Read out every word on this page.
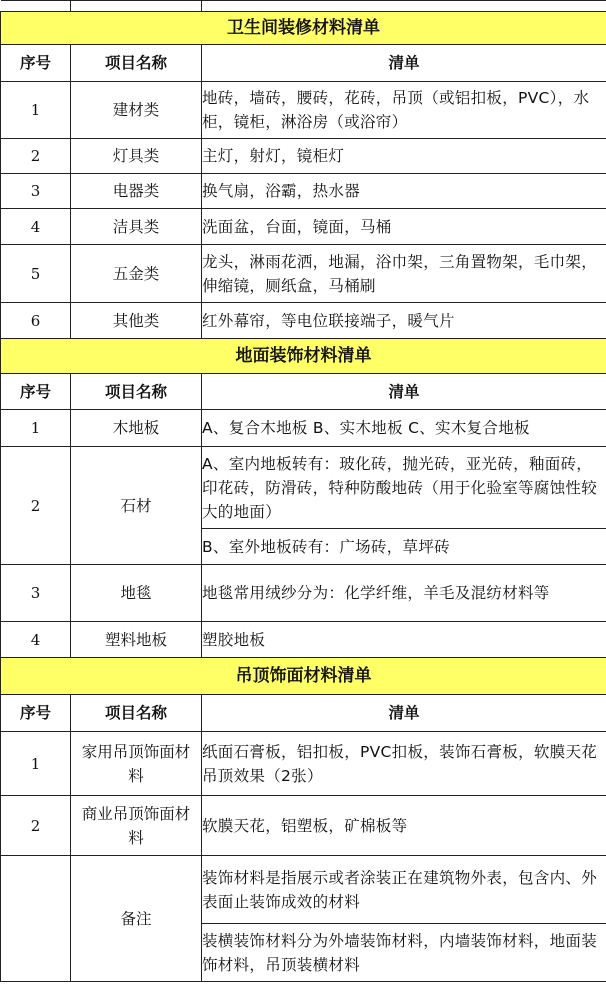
卫生间装修材料清单		
序号	项目名称	清单
1	建材类	地砖，墙砖，腰砖，花砖，吊顶（或铝扣板，PVC），水柜，镜柜，淋浴房（或浴帘）
2	灯具类	主灯，射灯，镜柜灯
3	电器类	换气扇，浴霸，热水器
4	洁具类	洗面盆，台面，镜面，马桶
5	五金类	龙头，淋雨花洒，地漏，浴巾架，三角置物架，毛巾架，伸缩镜，厕纸盒，马桶刷
6	其他类	红外幕帘，等电位联接端子，暖气片
地面装饰材料清单		
序号	项目名称	清单
1	木地板	A、复合木地板 B、实木地板 C、实木复合地板
2	石材	A、室内地板转有：玻化砖，抛光砖，亚光砖，釉面砖，印花砖，防滑砖，特种防酸地砖（用于化验室等腐蚀性较大的地面）
		B、室外地板砖有：广场砖，草坪砖
3	地毯	地毯常用绒纱分为：化学纤维，羊毛及混纺材料等
4	塑料地板	塑胶地板
吊顶饰面材料清单		
序号	项目名称	清单
1	家用吊顶饰面材料	纸面石膏板，铝扣板，PVC扣板，装饰石膏板，软膜天花吊顶效果（2张）
2	商业吊顶饰面材料	软膜天花，铝塑板，矿棉板等
	备注	装饰材料是指展示或者涂装正在建筑物外表，包含内、外表面止装饰成效的材料
		装横装饰材料分为外墙装饰材料，内墙装饰材料，地面装饰材料，吊顶装横材料
